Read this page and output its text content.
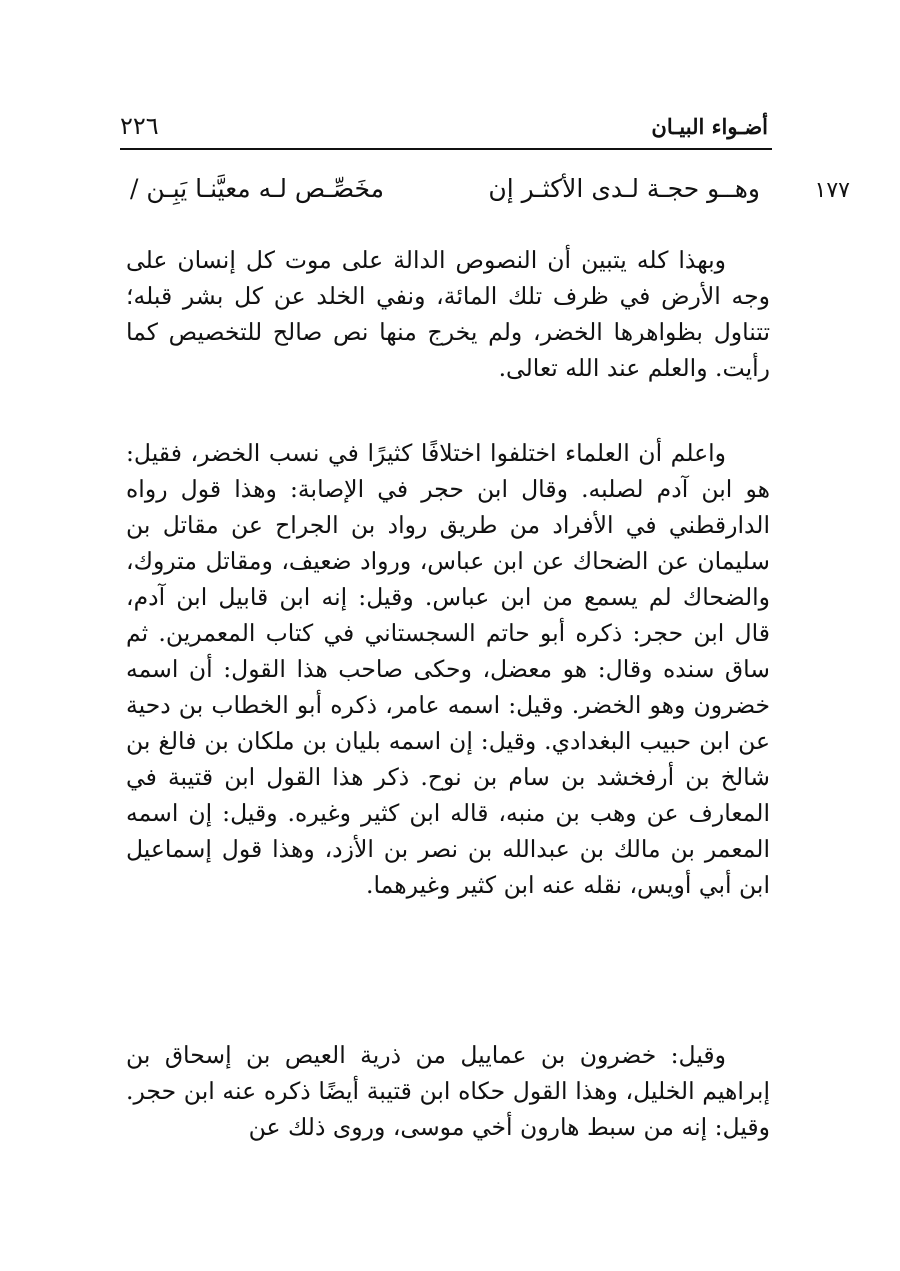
٢٢٦	أضـواء البيـان
١٧٧
وهــو حجـة لـدى الأكثـر إن
مخَصِّـص لـه معيَّنـا يَبِـن /

وبهذا كله يتبين أن النصوص الدالة على موت كل إنسان على وجه الأرض في ظرف تلك المائة، ونفي الخلد عن كل بشر قبله؛ تتناول بظواهرها الخضر، ولم يخرج منها نص صالح للتخصيص كما رأيت. والعلم عند الله تعالى.

واعلم أن العلماء اختلفوا اختلافًا كثيرًا في نسب الخضر، فقيل: هو ابن آدم لصلبه. وقال ابن حجر في الإصابة: وهذا قول رواه الدارقطني في الأفراد من طريق رواد بن الجراح عن مقاتل بن سليمان عن الضحاك عن ابن عباس، ورواد ضعيف، ومقاتل متروك، والضحاك لم يسمع من ابن عباس. وقيل: إنه ابن قابيل ابن آدم، قال ابن حجر: ذكره أبو حاتم السجستاني في كتاب المعمرين. ثم ساق سنده وقال: هو معضل، وحكى صاحب هذا القول: أن اسمه خضرون وهو الخضر. وقيل: اسمه عامر، ذكره أبو الخطاب بن دحية عن ابن حبيب البغدادي. وقيل: إن اسمه بليان بن ملكان بن فالغ بن شالخ بن أرفخشد بن سام بن نوح. ذكر هذا القول ابن قتيبة في المعارف عن وهب بن منبه، قاله ابن كثير وغيره. وقيل: إن اسمه المعمر بن مالك بن عبدالله بن نصر بن الأزد، وهذا قول إسماعيل ابن أبي أويس، نقله عنه ابن كثير وغيرهما.

وقيل: خضرون بن عماييل من ذرية العيص بن إسحاق بن إبراهيم الخليل، وهذا القول حكاه ابن قتيبة أيضًا ذكره عنه ابن حجر. وقيل: إنه من سبط هارون أخي موسى، وروى ذلك عن
